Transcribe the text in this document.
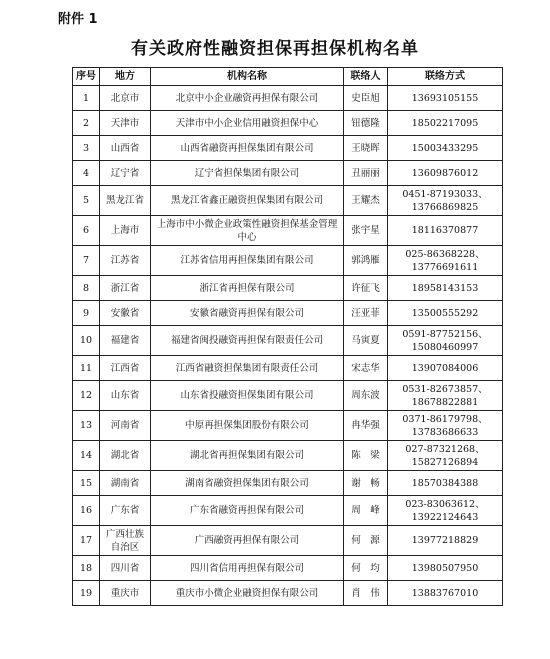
附件 1
有关政府性融资担保再担保机构名单
序号	地方	机构名称	联络人	联络方式
1	北京市	北京中小企业融资再担保有限公司	史臣旭	13693105155
2	天津市	天津市中小企业信用融资担保中心	钮德隆	18502217095
3	山西省	山西省融资再担保集团有限公司	王晓晖	15003433295
4	辽宁省	辽宁省担保集团有限公司	丑丽丽	13609876012
5	黑龙江省	黑龙江省鑫正融资担保集团有限公司	王耀杰	0451-87193033、
13766869825
6	上海市	上海市中小微企业政策性融资担保基金管理中心	张宇星	18116370877
7	江苏省	江苏省信用再担保集团有限公司	郭鸿雁	025-86368228、
13776691611
8	浙江省	浙江省再担保有限公司	许征飞	18958143153
9	安徽省	安徽省融资再担保有限公司	汪亚菲	13500555292
10	福建省	福建省闽投融资再担保有限责任公司	马寅夏	0591-87752156、
15080460997
11	江西省	江西省融资担保集团有限责任公司	宋志华	13907084006
12	山东省	山东省投融资担保集团有限公司	周东波	0531-82673857、
18678822881
13	河南省	中原再担保集团股份有限公司	冉华强	0371-86179798、
13783686633
14	湖北省	湖北省再担保集团有限公司	陈　梁	027-87321268、
15827126894
15	湖南省	湖南省融资担保集团有限公司	谢　畅	18570384388
16	广东省	广东省融资再担保有限公司	周　峰	023-83063612、
13922124643
17	广西壮族自治区	广西融资再担保有限公司	何　源	13977218829
18	四川省	四川省信用再担保有限公司	何　均	13980507950
19	重庆市	重庆市小微企业融资担保有限公司	肖　伟	13883767010
